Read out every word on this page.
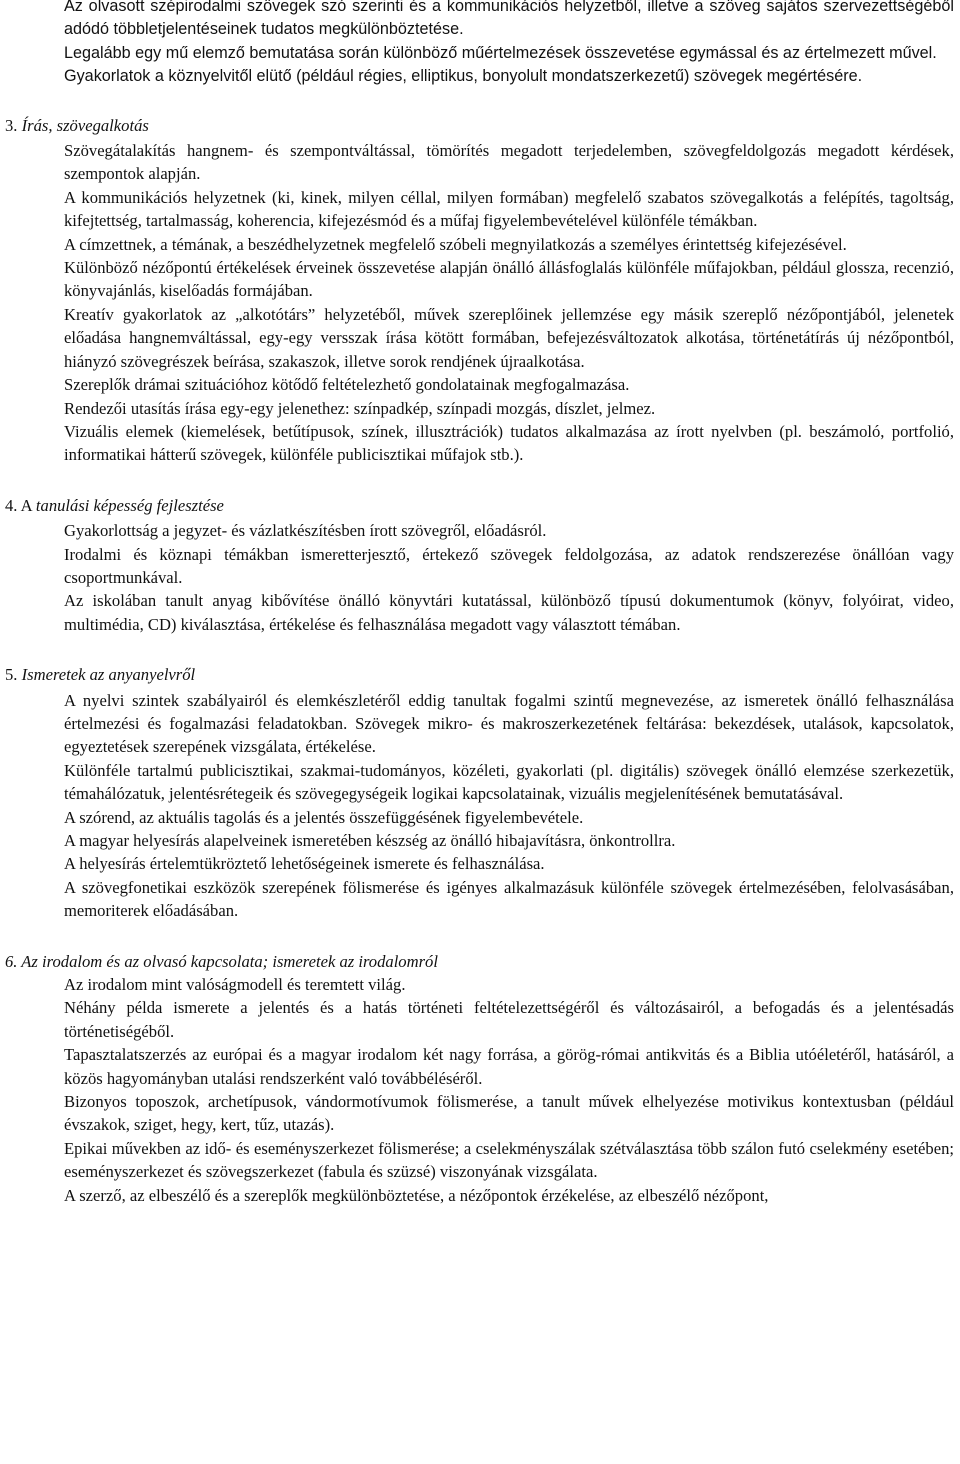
Az olvasott szépirodalmi szövegek szó szerinti és a kommunikációs helyzetből, illetve a szöveg sajátos szervezettségéből adódó többletjelentéseinek tudatos megkülönböztetése.

Legalább egy mű elemző bemutatása során különböző műértelmezések összevetése egymással és az értelmezett művel.

Gyakorlatok a köznyelvitől elütő (például régies, elliptikus, bonyolult mondatszerkezetű) szövegek megértésére.

3. Írás, szövegalkotás

Szövegátalakítás hangnem- és szempontváltással, tömörítés megadott terjedelemben, szövegfeldolgozás megadott kérdések, szempontok alapján.

A kommunikációs helyzetnek (ki, kinek, milyen céllal, milyen formában) megfelelő szabatos szövegalkotás a felépítés, tagoltság, kifejtettség, tartalmasság, koherencia, kifejezésmód és a műfaj figyelembevételével különféle témákban.

A címzettnek, a témának, a beszédhelyzetnek megfelelő szóbeli megnyilatkozás a személyes érintettség kifejezésével.

Különböző nézőpontú értékelések érveinek összevetése alapján önálló állásfoglalás különféle műfajokban, például glossza, recenzió, könyvajánlás, kiselőadás formájában.

Kreatív gyakorlatok az „alkotótárs” helyzetéből, művek szereplőinek jellemzése egy másik szereplő nézőpontjából, jelenetek előadása hangnemváltással, egy-egy versszak írása kötött formában, befejezésváltozatok alkotása, történetátírás új nézőpontból, hiányzó szövegrészek beírása, szakaszok, illetve sorok rendjének újraalkotása.

Szereplők drámai szituációhoz kötődő feltételezhető gondolatainak megfogalmazása.

Rendezői utasítás írása egy-egy jelenethez: színpadkép, színpadi mozgás, díszlet, jelmez.

Vizuális elemek (kiemelések, betűtípusok, színek, illusztrációk) tudatos alkalmazása az írott nyelvben (pl. beszámoló, portfolió, informatikai hátterű szövegek, különféle publicisztikai műfajok stb.).

4. A tanulási képesség fejlesztése

Gyakorlottság a jegyzet- és vázlatkészítésben írott szövegről, előadásról.

Irodalmi és köznapi témákban ismeretterjesztő, értekező szövegek feldolgozása, az adatok rendszerezése önállóan vagy csoportmunkával.

Az iskolában tanult anyag kibővítése önálló könyvtári kutatással, különböző típusú dokumentumok (könyv, folyóirat, video, multimédia, CD) kiválasztása, értékelése és felhasználása megadott vagy választott témában.

5. Ismeretek az anyanyelvről

A nyelvi szintek szabályairól és elemkészletéről eddig tanultak fogalmi szintű megnevezése, az ismeretek önálló felhasználása értelmezési és fogalmazási feladatokban. Szövegek mikro- és makroszerkezetének feltárása: bekezdések, utalások, kapcsolatok, egyeztetések szerepének vizsgálata, értékelése.

Különféle tartalmú publicisztikai, szakmai-tudományos, közéleti, gyakorlati (pl. digitális) szövegek önálló elemzése szerkezetük, témahálózatuk, jelentésrétegeik és szövegegységeik logikai kapcsolatainak, vizuális megjelenítésének bemutatásával.

A szórend, az aktuális tagolás és a jelentés összefüggésének figyelembevétele.

A magyar helyesírás alapelveinek ismeretében készség az önálló hibajavításra, önkontrollra.

A helyesírás értelemtükröztető lehetőségeinek ismerete és felhasználása.

A szövegfonetikai eszközök szerepének fölismerése és igényes alkalmazásuk különféle szövegek értelmezésében, felolvasásában, memoriterek előadásában.

6. Az irodalom és az olvasó kapcsolata; ismeretek az irodalomról

Az irodalom mint valóságmodell és teremtett világ.

Néhány példa ismerete a jelentés és a hatás történeti feltételezettségéről és változásairól, a befogadás és a jelentésadás történetiségéből.

Tapasztalatszerzés az európai és a magyar irodalom két nagy forrása, a görög-római antikvitás és a Biblia utóéletéről, hatásáról, a közös hagyományban utalási rendszerként való továbbéléséről.

Bizonyos toposzok, archetípusok, vándormotívumok fölismerése, a tanult művek elhelyezése motivikus kontextusban (például évszakok, sziget, hegy, kert, tűz, utazás).

Epikai művekben az idő- és eseményszerkezet fölismerése; a cselekményszálak szétválasztása több szálon futó cselekmény esetében; eseményszerkezet és szövegszerkezet (fabula és szüzsé) viszonyának vizsgálata.

A szerző, az elbeszélő és a szereplők megkülönböztetése, a nézőpontok érzékelése, az elbeszélő nézőpont,
